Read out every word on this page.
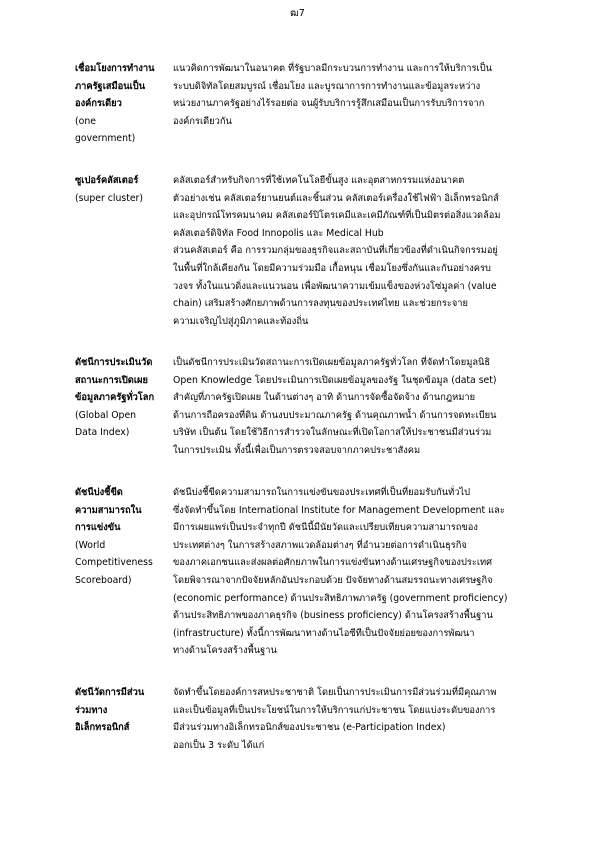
ฒ7
เชื่อมโยงการทำงาน
ภาครัฐเสมือนเป็น
องค์กรเดียว
(one
government)
แนวคิดการพัฒนาในอนาคต ที่รัฐบาลมีกระบวนการทำงาน และการให้บริการเป็น
ระบบดิจิทัลโดยสมบูรณ์ เชื่อมโยง และบูรณาการการทำงานและข้อมูลระหว่าง
หน่วยงานภาครัฐอย่างไร้รอยต่อ จนผู้รับบริการรู้สึกเสมือนเป็นการรับบริการจาก
องค์กรเดียวกัน
ซูเปอร์คลัสเตอร์
(super cluster)
คลัสเตอร์สำหรับกิจการที่ใช้เทคโนโลยีขั้นสูง และอุตสาหกรรมแห่งอนาคต
ตัวอย่างเช่น คลัสเตอร์ยานยนต์และชิ้นส่วน คลัสเตอร์เครื่องใช้ไฟฟ้า อิเล็กทรอนิกส์
และอุปกรณ์โทรคมนาคม คลัสเตอร์ปิโตรเคมีและเคมีภัณฑ์ที่เป็นมิตรต่อสิ่งแวดล้อม
คลัสเตอร์ดิจิทัล Food Innopolis และ Medical Hub
ส่วนคลัสเตอร์ คือ การรวมกลุ่มของธุรกิจและสถาบันที่เกี่ยวข้องที่ดำเนินกิจกรรมอยู่
ในพื้นที่ใกล้เคียงกัน โดยมีความร่วมมือ เกื้อหนุน เชื่อมโยงซึ่งกันและกันอย่างครบ
วงจร ทั้งในแนวดิ่งและแนวนอน เพื่อพัฒนาความเข้มแข็งของห่วงโซ่มูลค่า (value
chain) เสริมสร้างศักยภาพด้านการลงทุนของประเทศไทย และช่วยกระจาย
ความเจริญไปสู่ภูมิภาคและท้องถิ่น
ดัชนีการประเมินวัด
สถานะการเปิดเผย
ข้อมูลภาครัฐทั่วโลก
(Global Open
Data Index)
เป็นดัชนีการประเมินวัดสถานะการเปิดเผยข้อมูลภาครัฐทั่วโลก ที่จัดทำโดยมูลนิธิ
Open Knowledge โดยประเมินการเปิดเผยข้อมูลของรัฐ ในชุดข้อมูล (data set)
สำคัญที่ภาครัฐเปิดเผย ในด้านต่างๆ อาทิ ด้านการจัดซื้อจัดจ้าง ด้านกฎหมาย
ด้านการถือครองที่ดิน ด้านงบประมาณภาครัฐ ด้านคุณภาพน้ำ ด้านการจดทะเบียน
บริษัท เป็นต้น โดยใช้วิธีการสำรวจในลักษณะที่เปิดโอกาสให้ประชาชนมีส่วนร่วม
ในการประเมิน ทั้งนี้เพื่อเป็นการตรวจสอบจากภาคประชาสังคม
ดัชนีบ่งชี้ขีด
ความสามารถใน
การแข่งขัน
(World
Competitiveness
Scoreboard)
ดัชนีบ่งชี้ขีดความสามารถในการแข่งขันของประเทศที่เป็นที่ยอมรับกันทั่วไป
ซึ่งจัดทำขึ้นโดย International Institute for Management Development และ
มีการเผยแพร่เป็นประจำทุกปี ดัชนีนี้มีนัยวัดและเปรียบเทียบความสามารถของ
ประเทศต่างๆ ในการสร้างสภาพแวดล้อมต่างๆ ที่อำนวยต่อการดำเนินธุรกิจ
ของภาคเอกชนและส่งผลต่อศักยภาพในการแข่งขันทางด้านเศรษฐกิจของประเทศ
โดยพิจารณาจากปัจจัยหลักอันประกอบด้วย ปัจจัยทางด้านสมรรถนะทางเศรษฐกิจ
(economic performance) ด้านประสิทธิภาพภาครัฐ (government proficiency)
ด้านประสิทธิภาพของภาคธุรกิจ (business proficiency) ด้านโครงสร้างพื้นฐาน
(infrastructure) ทั้งนี้การพัฒนาทางด้านไอซีทีเป็นปัจจัยย่อยของการพัฒนา
ทางด้านโครงสร้างพื้นฐาน
ดัชนีวัดการมีส่วน
ร่วมทาง
อิเล็กทรอนิกส์
จัดทำขึ้นโดยองค์การสหประชาชาติ โดยเป็นการประเมินการมีส่วนร่วมที่มีคุณภาพ
และเป็นข้อมูลที่เป็นประโยชน์ในการให้บริการแก่ประชาชน โดยแบ่งระดับของการ
มีส่วนร่วมทางอิเล็กทรอนิกส์ของประชาชน (e-Participation Index)
ออกเป็น 3 ระดับ ได้แก่
